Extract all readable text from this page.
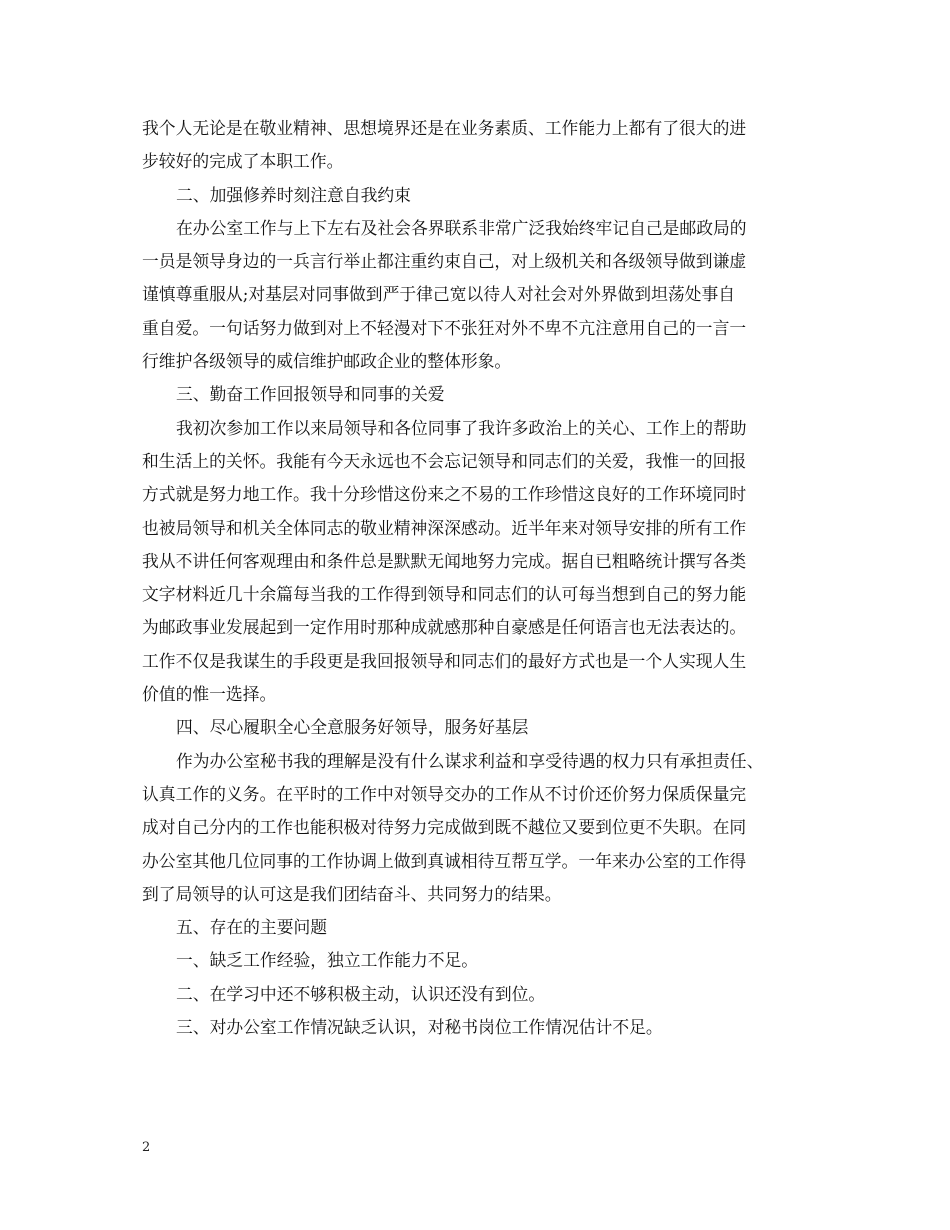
我个人无论是在敬业精神、思想境界还是在业务素质、工作能力上都有了很大的进
步较好的完成了本职工作。
二、加强修养时刻注意自我约束
在办公室工作与上下左右及社会各界联系非常广泛我始终牢记自己是邮政局的
一员是领导身边的一兵言行举止都注重约束自己，对上级机关和各级领导做到谦虚
谨慎尊重服从;对基层对同事做到严于律己宽以待人对社会对外界做到坦荡处事自
重自爱。一句话努力做到对上不轻漫对下不张狂对外不卑不亢注意用自己的一言一
行维护各级领导的威信维护邮政企业的整体形象。
三、勤奋工作回报领导和同事的关爱
我初次参加工作以来局领导和各位同事了我许多政治上的关心、工作上的帮助
和生活上的关怀。我能有今天永远也不会忘记领导和同志们的关爱，我惟一的回报
方式就是努力地工作。我十分珍惜这份来之不易的工作珍惜这良好的工作环境同时
也被局领导和机关全体同志的敬业精神深深感动。近半年来对领导安排的所有工作
我从不讲任何客观理由和条件总是默默无闻地努力完成。据自已粗略统计撰写各类
文字材料近几十余篇每当我的工作得到领导和同志们的认可每当想到自己的努力能
为邮政事业发展起到一定作用时那种成就感那种自豪感是任何语言也无法表达的。
工作不仅是我谋生的手段更是我回报领导和同志们的最好方式也是一个人实现人生
价值的惟一选择。
四、尽心履职全心全意服务好领导，服务好基层
作为办公室秘书我的理解是没有什么谋求利益和享受待遇的权力只有承担责任、
认真工作的义务。在平时的工作中对领导交办的工作从不讨价还价努力保质保量完
成对自己分内的工作也能积极对待努力完成做到既不越位又要到位更不失职。在同
办公室其他几位同事的工作协调上做到真诚相待互帮互学。一年来办公室的工作得
到了局领导的认可这是我们团结奋斗、共同努力的结果。
五、存在的主要问题
一、缺乏工作经验，独立工作能力不足。
二、在学习中还不够积极主动，认识还没有到位。
三、对办公室工作情况缺乏认识，对秘书岗位工作情况估计不足。
2
